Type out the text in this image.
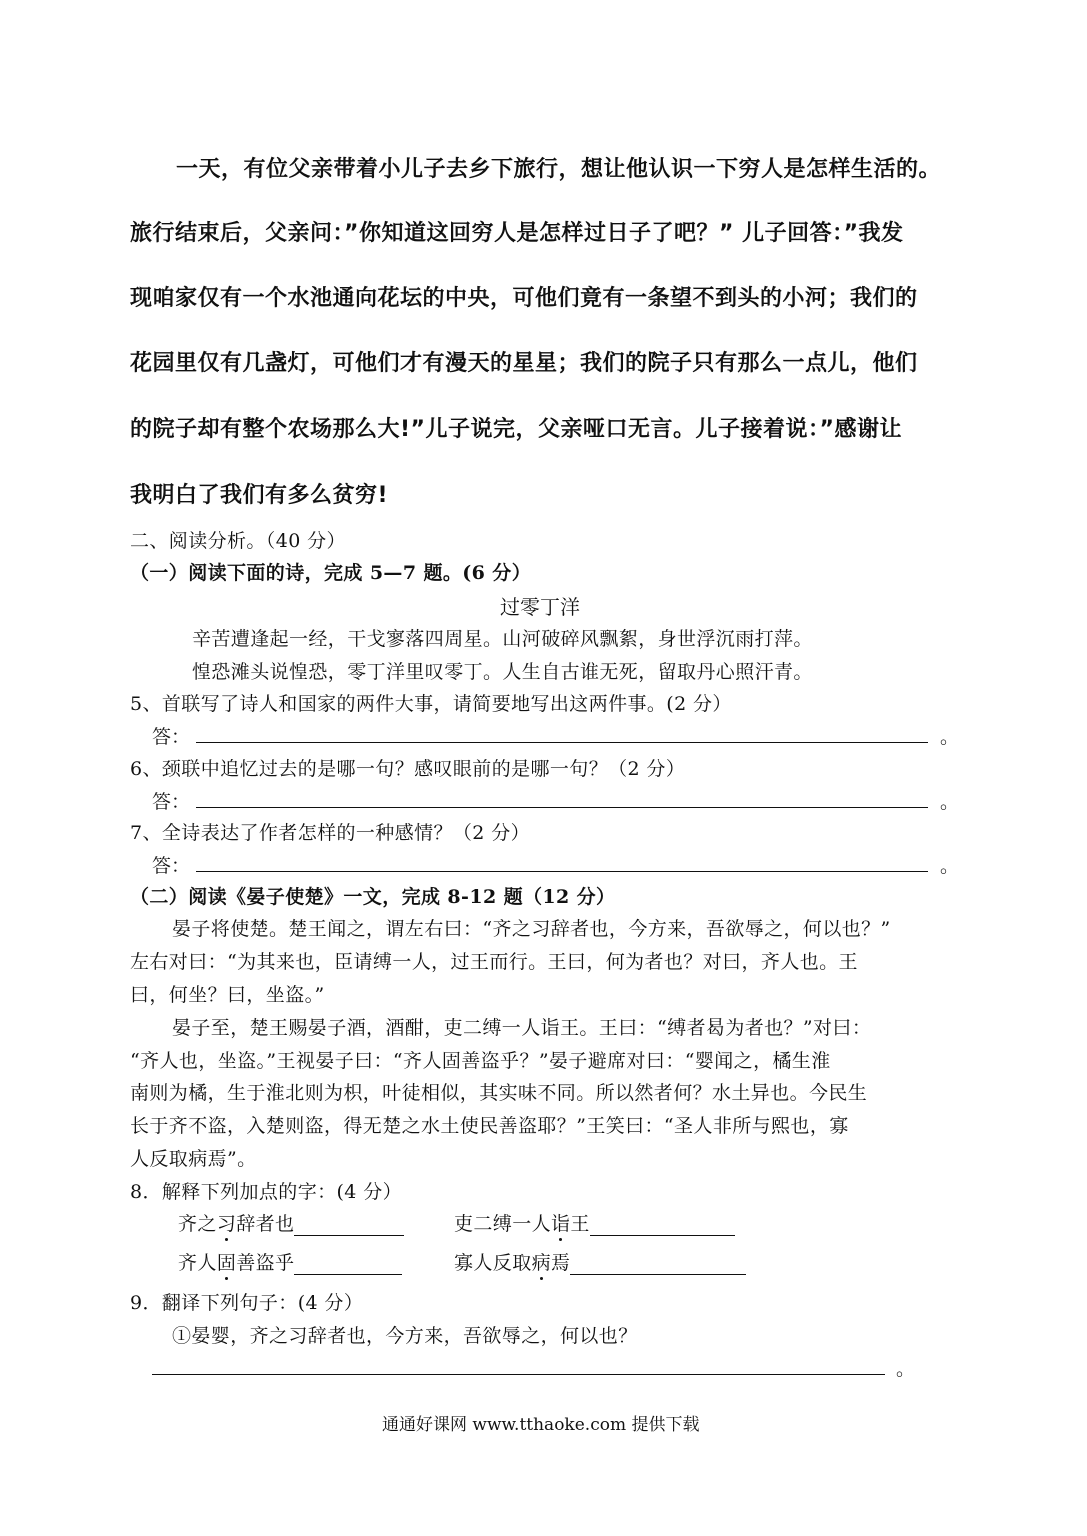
一天，有位父亲带着小儿子去乡下旅行，想让他认识一下穷人是怎样生活的。
旅行结束后，父亲问：”你知道这回穷人是怎样过日子了吧？” 儿子回答：”我发
现咱家仅有一个水池通向花坛的中央，可他们竟有一条望不到头的小河；我们的
花园里仅有几盏灯，可他们才有漫天的星星；我们的院子只有那么一点儿，他们
的院子却有整个农场那么大!”儿子说完，父亲哑口无言。儿子接着说：”感谢让
我明白了我们有多么贫穷!
二、阅读分析。（40 分）
（一）阅读下面的诗，完成 5—7 题。(6 分）
过零丁洋
辛苦遭逢起一经，干戈寥落四周星。山河破碎风飘絮，身世浮沉雨打萍。
惶恐滩头说惶恐，零丁洋里叹零丁。人生自古谁无死，留取丹心照汗青。
5、首联写了诗人和国家的两件大事，请简要地写出这两件事。(2 分）
答：	。
6、颈联中追忆过去的是哪一句？感叹眼前的是哪一句？（2 分）
答：	。
7、全诗表达了作者怎样的一种感情？（2 分）
答：	。
（二）阅读《晏子使楚》一文，完成 8-12 题（12 分）
晏子将使楚。楚王闻之，谓左右曰：“齐之习辞者也，今方来，吾欲辱之，何以也？”
左右对曰：“为其来也，臣请缚一人，过王而行。王曰，何为者也？对曰，齐人也。王
曰，何坐？曰，坐盗。”
晏子至，楚王赐晏子酒，酒酣，吏二缚一人诣王。王曰：“缚者曷为者也？”对曰：
“齐人也，坐盗。”王视晏子曰：“齐人固善盗乎？”晏子避席对曰：“婴闻之，橘生淮
南则为橘，生于淮北则为枳，叶徒相似，其实味不同。所以然者何？水土异也。今民生
长于齐不盗，入楚则盗，得无楚之水土使民善盗耶？”王笑曰：“圣人非所与熙也，寡
人反取病焉”。
8．解释下列加点的字：(4 分）
齐之习辞者也	吏二缚一人诣王
齐人固善盗乎	寡人反取病焉
9．翻译下列句子：(4 分）
①晏婴，齐之习辞者也，今方来，吾欲辱之，何以也？
。
通通好课网 www.tthaoke.com 提供下载
